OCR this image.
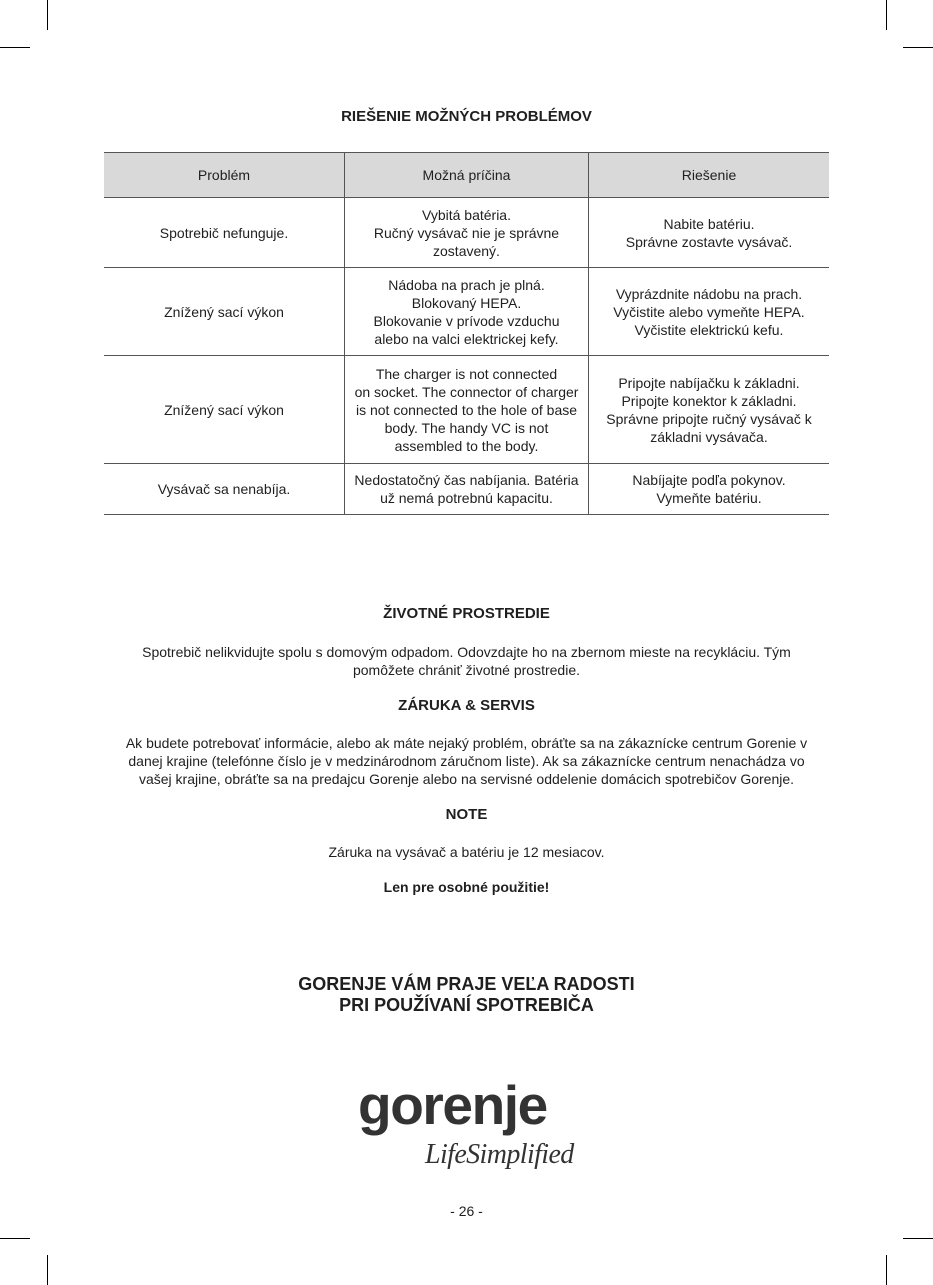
RIEŠENIE MOŽNÝCH PROBLÉMOV
Problém	Možná príčina	Riešenie
Spotrebič nefunguje.
Vybitá batéria.
Ručný vysávač nie je správne
zostavený.
Nabite batériu.
Správne zostavte vysávač.
Znížený sací výkon
Nádoba na prach je plná.
Blokovaný HEPA.
Blokovanie v prívode vzduchu
alebo na valci elektrickej kefy.
Vyprázdnite nádobu na prach.
Vyčistite alebo vymeňte HEPA.
Vyčistite elektrickú kefu.
Znížený sací výkon
The charger is not connected
on socket. The connector of charger
is not connected to the hole of base
body. The handy VC is not
assembled to the body.
Pripojte nabíjačku k základni.
Pripojte konektor k základni.
Správne pripojte ručný vysávač k
základni vysávača.
Vysávač sa nenabíja.
Nedostatočný čas nabíjania. Batéria
už nemá potrebnú kapacitu.
Nabíjajte podľa pokynov.
Vymeňte batériu.
ŽIVOTNÉ PROSTREDIE
Spotrebič nelikvidujte spolu s domovým odpadom. Odovzdajte ho na zbernom mieste na recykláciu. Tým
pomôžete chrániť životné prostredie.
ZÁRUKA & SERVIS
Ak budete potrebovať informácie, alebo ak máte nejaký problém, obráťte sa na zákaznícke centrum Gorenie v
danej krajine (telefónne číslo je v medzinárodnom záručnom liste). Ak sa zákaznícke centrum nenachádza vo
vašej krajine, obráťte sa na predajcu Gorenje alebo na servisné oddelenie domácich spotrebičov Gorenje.
NOTE
Záruka na vysávač a batériu je 12 mesiacov.
Len pre osobné použitie!
GORENJE VÁM PRAJE VEĽA RADOSTI
PRI POUŽÍVANÍ SPOTREBIČA
gorenje
LifeSimplified
- 26 -
